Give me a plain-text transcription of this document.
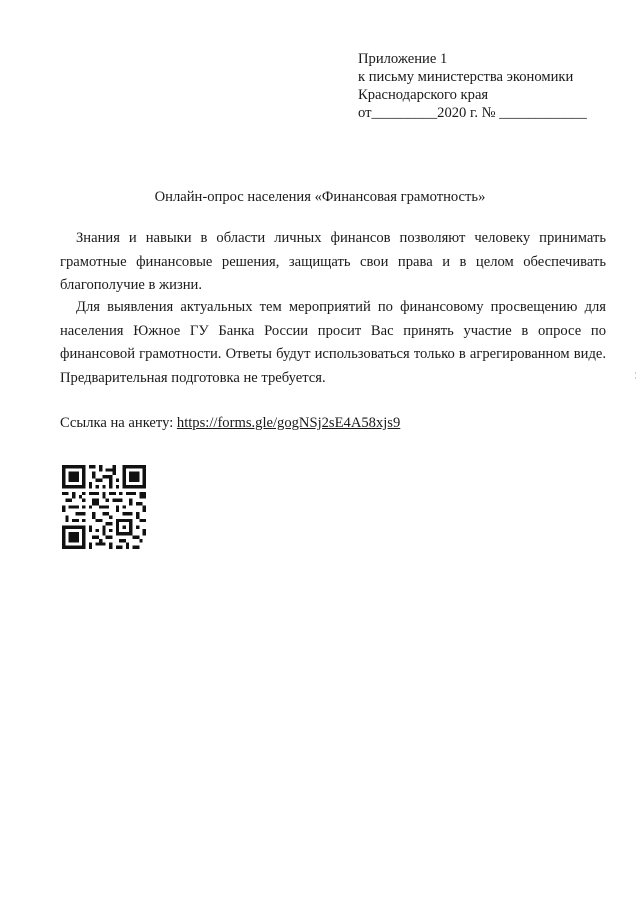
Приложение 1
к письму министерства экономики
Краснодарского края
от_________2020 г. № ____________
Онлайн-опрос населения «Финансовая грамотность»

Знания и навыки в области личных финансов позволяют человеку принимать грамотные финансовые решения, защищать свои права и в целом обеспечивать благополучие в жизни.

Для выявления актуальных тем мероприятий по финансовому просвещению для населения Южное ГУ Банка России просит Вас принять участие в опросе по финансовой грамотности. Ответы будут использоваться только в агрегированном виде. Предварительная подготовка не требуется.

Ссылка на анкету: https://forms.gle/gogNSj2sE4A58xjs9
